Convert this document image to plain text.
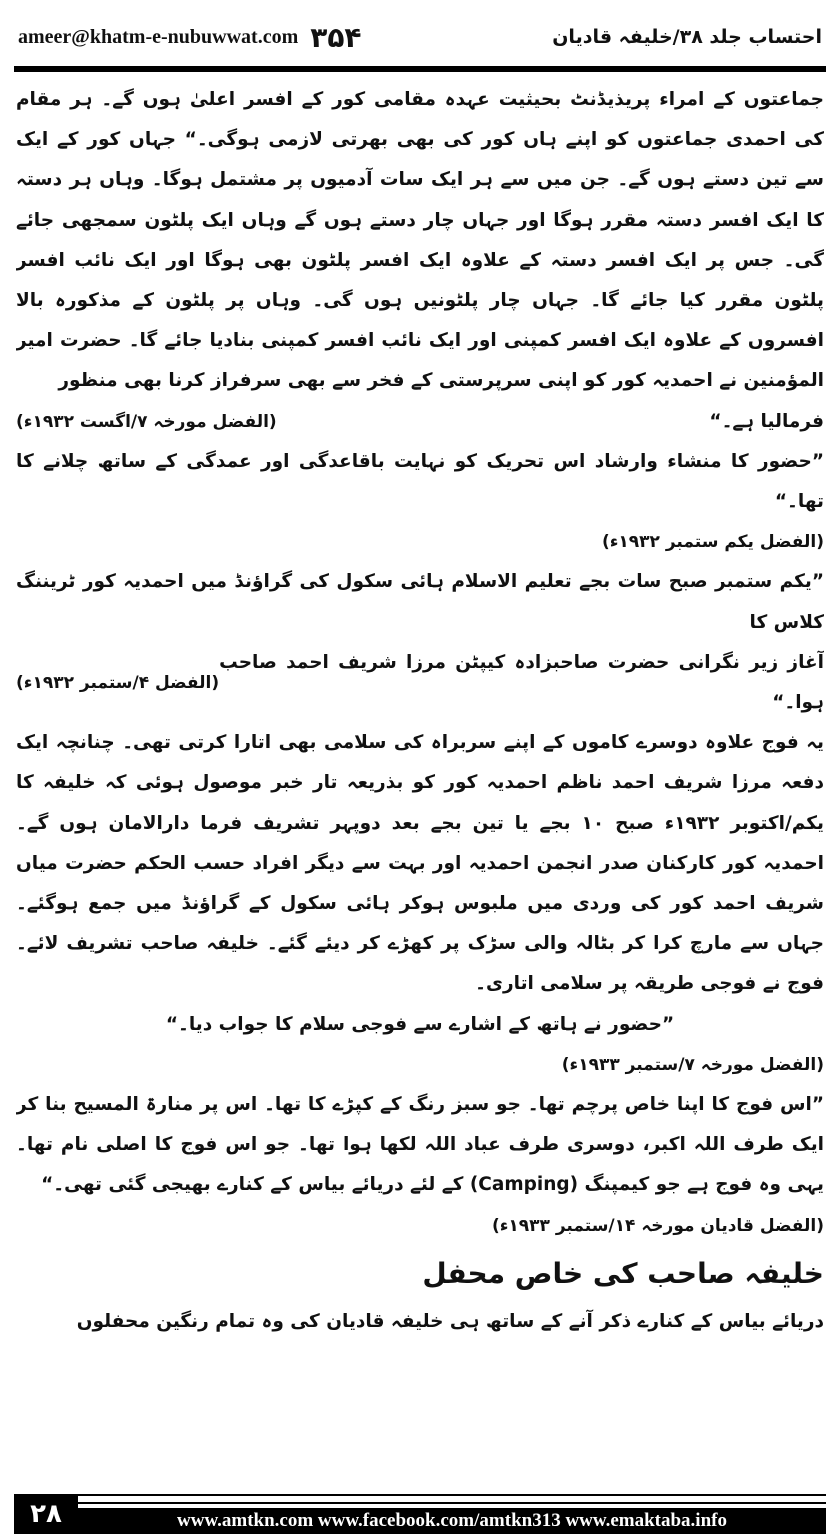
ameer@khatm-e-nubuwwat.com ۳۵۴	احتساب جلد ۳۸/خلیفہ قادیان

جماعتوں کے امراء پریذیڈنٹ بحیثیت عہدہ مقامی کور کے افسر اعلیٰ ہوں گے۔ ہر مقام کی احمدی جماعتوں کو اپنے ہاں کور کی بھی بھرتی لازمی ہوگی۔“ جہاں کور کے ایک سے تین دستے ہوں گے۔ جن میں سے ہر ایک سات آدمیوں پر مشتمل ہوگا۔ وہاں ہر دستہ کا ایک افسر دستہ مقرر ہوگا اور جہاں چار دستے ہوں گے وہاں ایک پلٹون سمجھی جائے گی۔ جس پر ایک افسر دستہ کے علاوہ ایک افسر پلٹون بھی ہوگا اور ایک نائب افسر پلٹون مقرر کیا جائے گا۔ جہاں چار پلٹونیں ہوں گی۔ وہاں پر پلٹون کے مذکورہ بالا افسروں کے علاوہ ایک افسر کمپنی اور ایک نائب افسر کمپنی بنادیا جائے گا۔ حضرت امیر المؤمنین نے احمدیہ کور کو اپنی سرپرستی کے فخر سے بھی سرفراز کرنا بھی منظور

فرمالیا ہے۔“
(الفضل مورخہ ۷/اگست ۱۹۳۲ء)

”حضور کا منشاء وارشاد اس تحریک کو نہایت باقاعدگی اور عمدگی کے ساتھ چلانے کا تھا۔“

(الفضل یکم ستمبر ۱۹۳۲ء)

”یکم ستمبر صبح سات بجے تعلیم الاسلام ہائی سکول کی گراؤنڈ میں احمدیہ کور ٹریننگ کلاس کا

آغاز زیر نگرانی حضرت صاحبزادہ کیپٹن مرزا شریف احمد صاحب ہوا۔“
(الفضل ۴/ستمبر ۱۹۳۲ء)

یہ فوج علاوہ دوسرے کاموں کے اپنے سربراہ کی سلامی بھی اتارا کرتی تھی۔ چنانچہ ایک دفعہ مرزا شریف احمد ناظم احمدیہ کور کو بذریعہ تار خبر موصول ہوئی کہ خلیفہ کا یکم/اکتوبر ۱۹۳۲ء صبح ۱۰ بجے یا تین بجے بعد دوپہر تشریف فرما دارالامان ہوں گے۔ احمدیہ کور کارکنان صدر انجمن احمدیہ اور بہت سے دیگر افراد حسب الحکم حضرت میاں شریف احمد کور کی وردی میں ملبوس ہوکر ہائی سکول کے گراؤنڈ میں جمع ہوگئے۔ جہاں سے مارچ کرا کر بٹالہ والی سڑک پر کھڑے کر دیئے گئے۔ خلیفہ صاحب تشریف لائے۔ فوج نے فوجی طریقہ پر سلامی اتاری۔

”حضور نے ہاتھ کے اشارے سے فوجی سلام کا جواب دیا۔“

(الفضل مورخہ ۷/ستمبر ۱۹۳۳ء)

”اس فوج کا اپنا خاص پرچم تھا۔ جو سبز رنگ کے کپڑے کا تھا۔ اس پر منارۃ المسیح بنا کر ایک طرف اللہ اکبر، دوسری طرف عباد اللہ لکھا ہوا تھا۔ جو اس فوج کا اصلی نام تھا۔ یہی وہ فوج ہے جو کیمپنگ (Camping) کے لئے دریائے بیاس کے کنارے بھیجی گئی تھی۔“

(الفضل قادیان مورخہ ۱۴/ستمبر ۱۹۳۳ء)

خلیفہ صاحب کی خاص محفل

دریائے بیاس کے کنارے ذکر آنے کے ساتھ ہی خلیفہ قادیان کی وہ تمام رنگین محفلوں

۲۸	www.amtkn.com www.facebook.com/amtkn313 www.emaktaba.info
